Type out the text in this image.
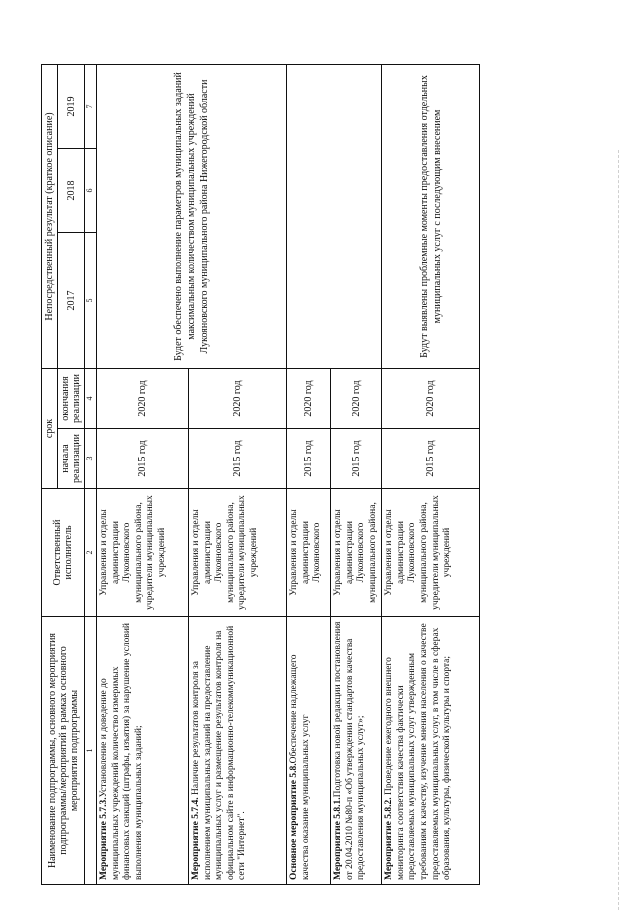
Наименование подпрограммы, основного мероприятия подпрограммы/мероприятий в рамках основного мероприятия подпрограммы	Ответственный исполнитель	срок		Непосредственный результат (краткое описание)		
		начала реализации	окончания реализации	2017	2018	2019
1	2	3	4	5	6	7
Мероприятие 5.7.3.Установление и доведение до муниципальных учреждений количество измеримых финансовых санкций (штрафы, изъятия) за нарушение условий выполнения муниципальных заданий;	Управления и отделы администрации Лукояновского муниципального района, учредители муниципальных учреждений	2015 год	2020 год	Будет обеспечено выполнение параметров муниципальных заданий максимальным количеством муниципальных учреждений Лукояновского муниципального района Нижегородской области		
Мероприятие 5.7.4. Наличие результатов контроля за исполнением муниципальных заданий на предоставление муниципальных услуг и размещение результатов контроля на официальном сайте в информационно-телекоммуникационной сети "Интернет".	Управления и отделы администрации Лукояновского муниципального района, учредители муниципальных учреждений	2015 год	2020 год			
Основное мероприятие 5.8.Обеспечение надлежащего качества оказание муниципальных услуг	Управления и отделы администрации Лукояновского	2015 год	2020 год			
Мероприятие 5.8.1.Подготовка новой редакции постановления от 20.04.2010 №80-п «Об утверждении стандартов качества предоставления муниципальных услуг»;	Управления и отделы администрации Лукояновского муниципального района,	2015 год	2020 год			
Мероприятие 5.8.2. Проведение ежегодного внешнего мониторинга соответствия качества фактически предоставляемых муниципальных услуг утвержденным требованиям к качеству, изучение мнения населения о качестве предоставляемых муниципальных услуг, в том числе в сферах образования, культуры, физической культуры и спорта;	Управления и отделы администрации Лукояновского муниципального района, учредители муниципальных учреждений	2015 год	2020 год	Будут выявлены проблемные моменты предоставления отдельных муниципальных услуг с последующим внесением		
